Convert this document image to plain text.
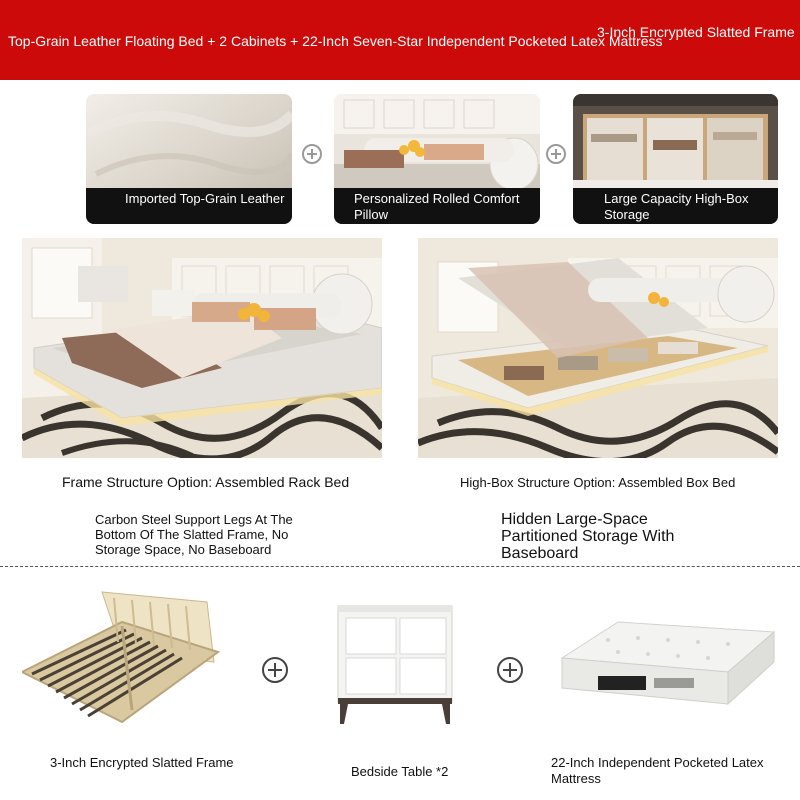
Top-Grain Leather Floating Bed + 2 Cabinets + 22-Inch Seven-Star Independent Pocketed Latex Mattress
3-Inch Encrypted Slatted Frame
Imported Top-Grain Leather	Personalized Rolled Comfort Pillow
Large Capacity High-Box Storage
Frame Structure Option: Assembled Rack Bed	High-Box Structure Option: Assembled Box Bed
Carbon Steel Support Legs At The Bottom Of The Slatted Frame, No Storage Space, No Baseboard
Hidden Large-Space Partitioned Storage With Baseboard
3-Inch Encrypted Slatted Frame
Bedside Table *2
22-Inch Independent Pocketed Latex Mattress
